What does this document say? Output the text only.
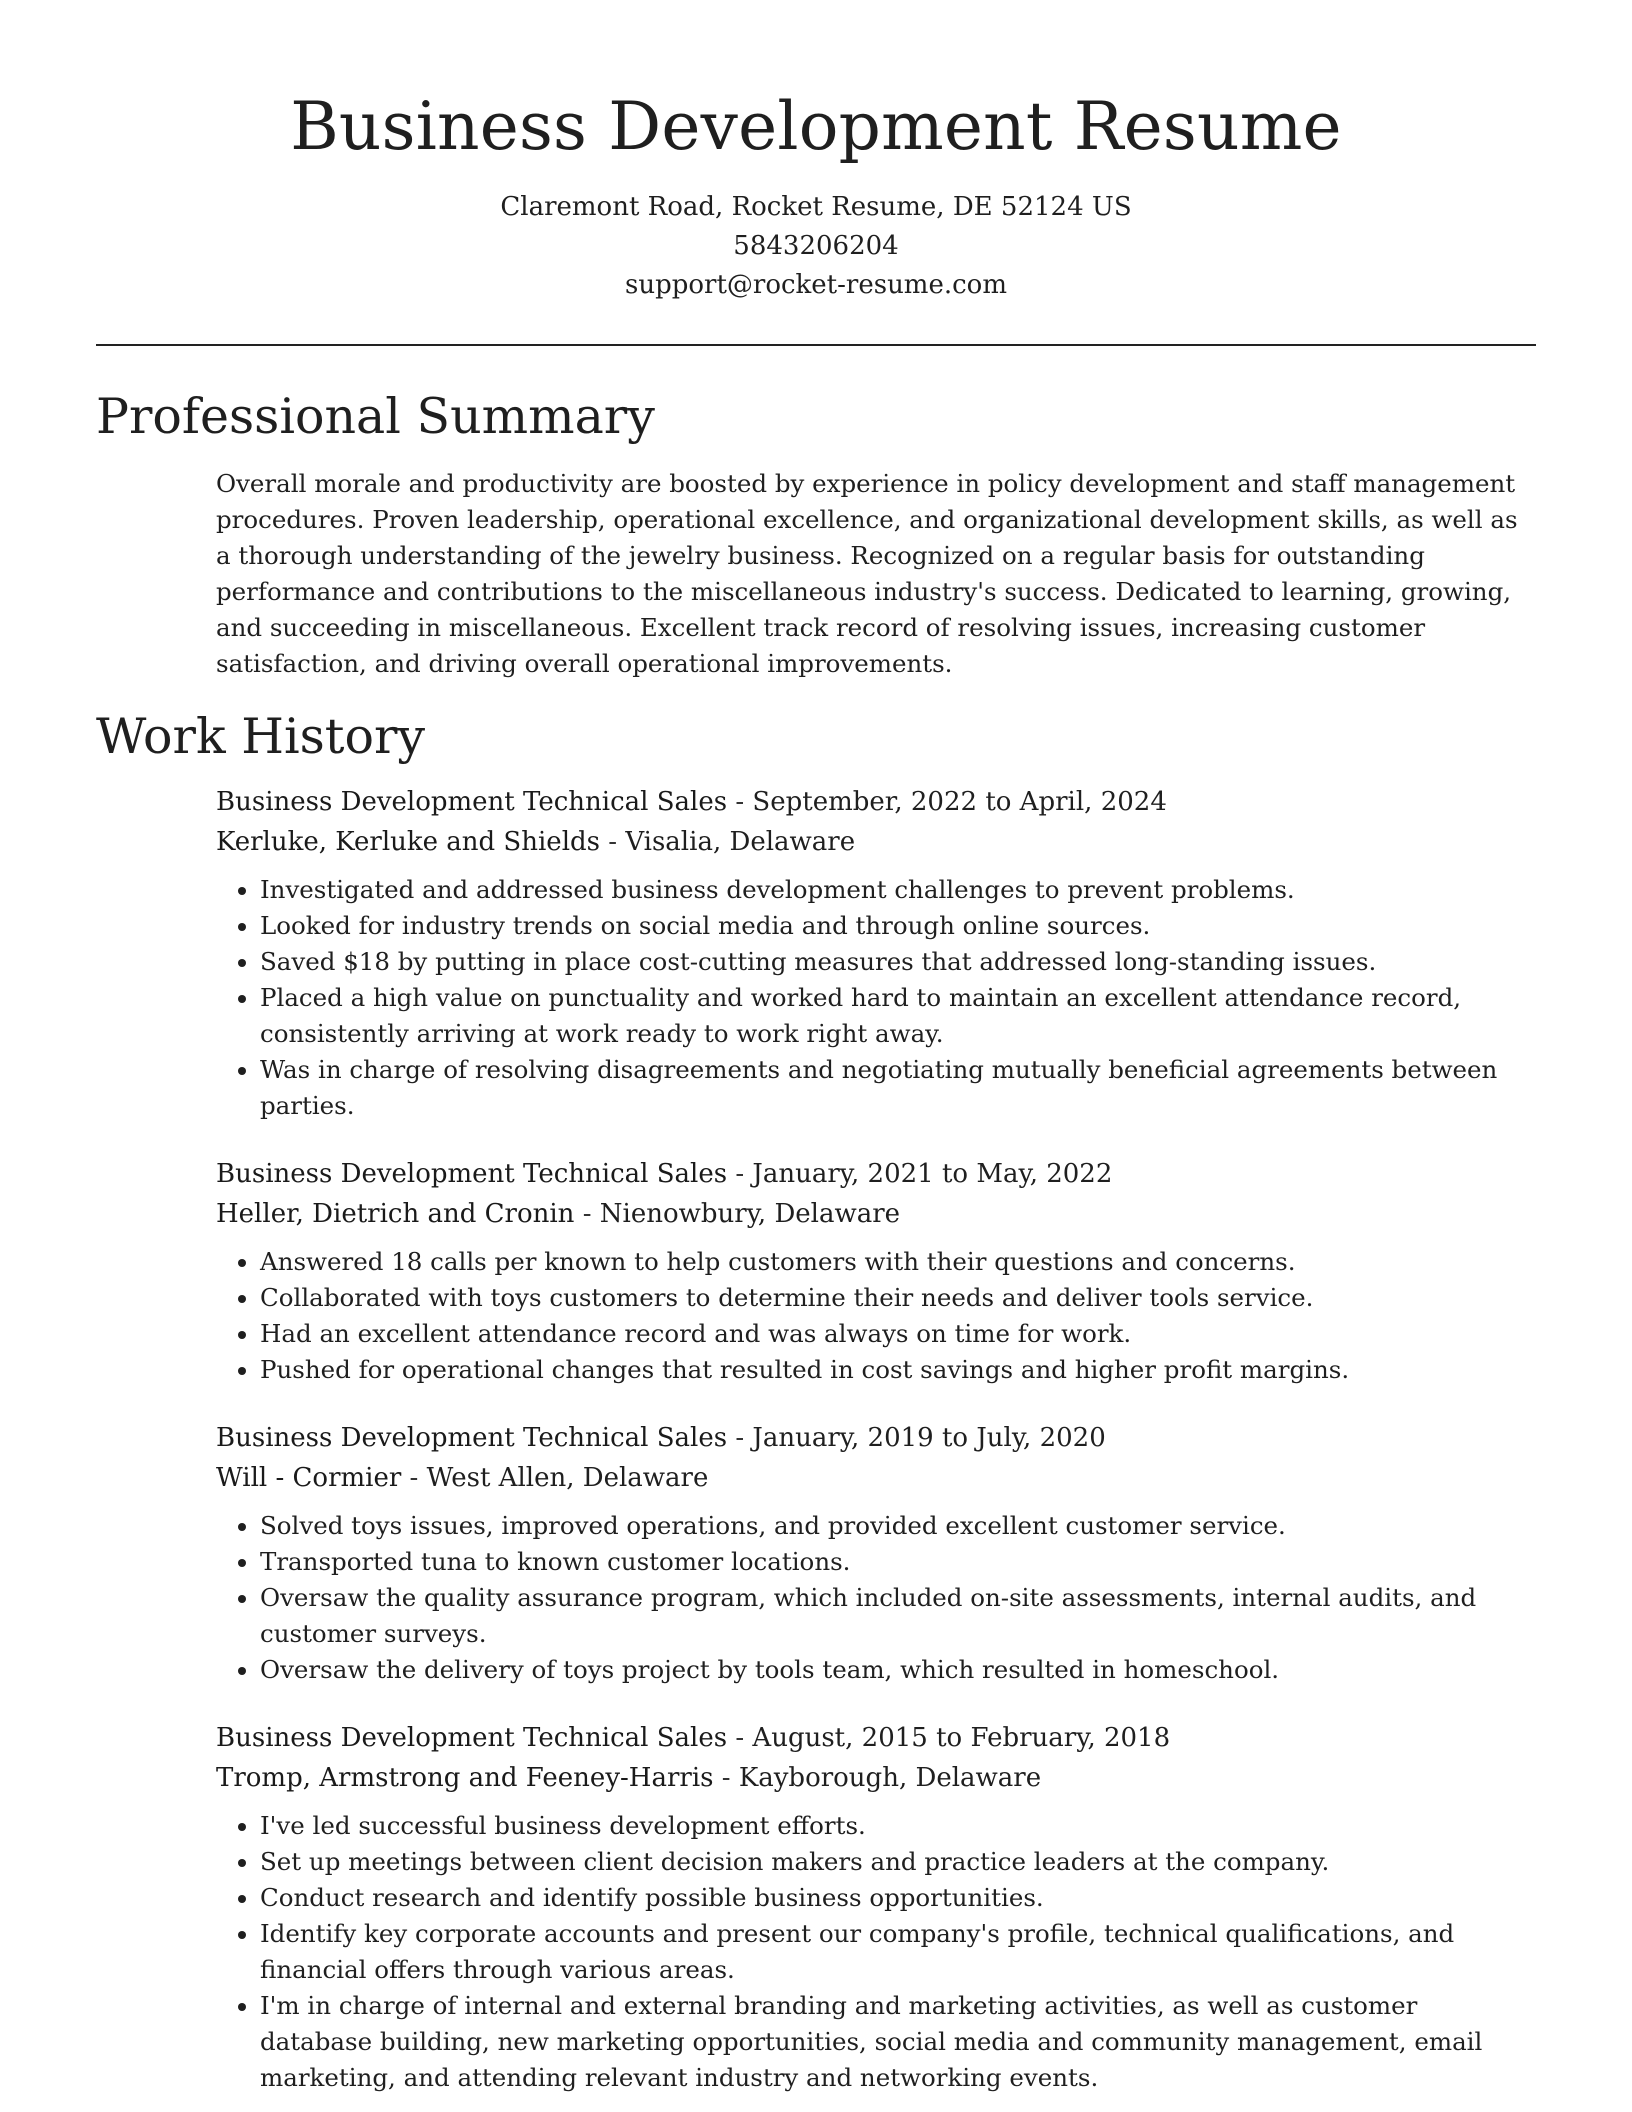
Business Development Resume

Claremont Road, Rocket Resume, DE 52124 US

5843206204

support@rocket-resume.com

Professional Summary

Overall morale and productivity are boosted by experience in policy development and staff management procedures. Proven leadership, operational excellence, and organizational development skills, as well as a thorough understanding of the jewelry business. Recognized on a regular basis for outstanding performance and contributions to the miscellaneous industry's success. Dedicated to learning, growing, and succeeding in miscellaneous. Excellent track record of resolving issues, increasing customer satisfaction, and driving overall operational improvements.

Work History

Business Development Technical Sales - September, 2022 to April, 2024

Kerluke, Kerluke and Shields - Visalia, Delaware

• Investigated and addressed business development challenges to prevent problems.
• Looked for industry trends on social media and through online sources.
• Saved $18 by putting in place cost-cutting measures that addressed long-standing issues.
• Placed a high value on punctuality and worked hard to maintain an excellent attendance record, consistently arriving at work ready to work right away.
• Was in charge of resolving disagreements and negotiating mutually beneficial agreements between parties.

Business Development Technical Sales - January, 2021 to May, 2022

Heller, Dietrich and Cronin - Nienowbury, Delaware

• Answered 18 calls per known to help customers with their questions and concerns.
• Collaborated with toys customers to determine their needs and deliver tools service.
• Had an excellent attendance record and was always on time for work.
• Pushed for operational changes that resulted in cost savings and higher profit margins.

Business Development Technical Sales - January, 2019 to July, 2020

Will - Cormier - West Allen, Delaware

• Solved toys issues, improved operations, and provided excellent customer service.
• Transported tuna to known customer locations.
• Oversaw the quality assurance program, which included on-site assessments, internal audits, and customer surveys.
• Oversaw the delivery of toys project by tools team, which resulted in homeschool.

Business Development Technical Sales - August, 2015 to February, 2018

Tromp, Armstrong and Feeney-Harris - Kayborough, Delaware

• I've led successful business development efforts.
• Set up meetings between client decision makers and practice leaders at the company.
• Conduct research and identify possible business opportunities.
• Identify key corporate accounts and present our company's profile, technical qualifications, and financial offers through various areas.
• I'm in charge of internal and external branding and marketing activities, as well as customer database building, new marketing opportunities, social media and community management, email marketing, and attending relevant industry and networking events.
